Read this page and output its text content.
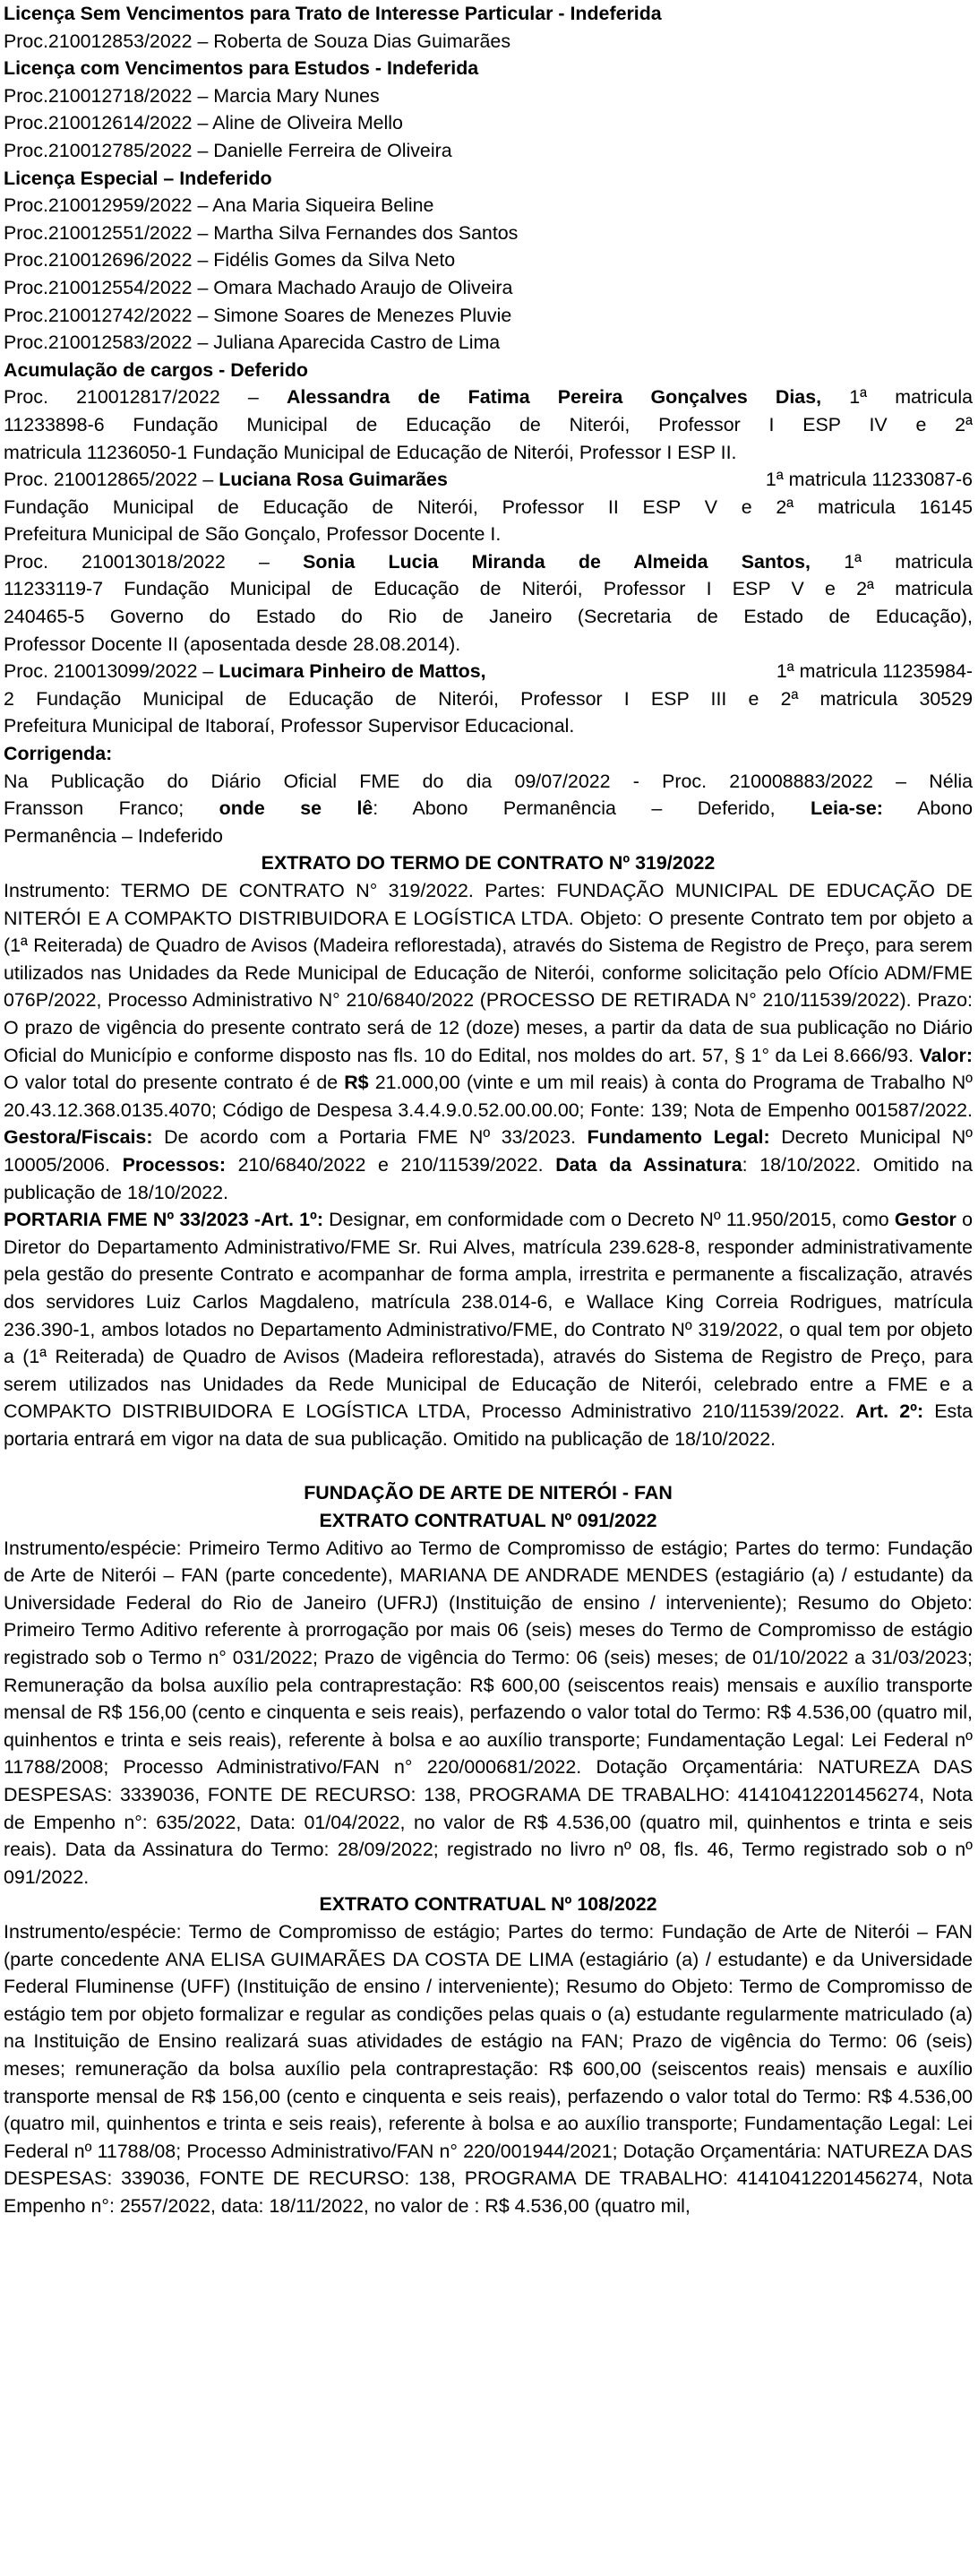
Licença Sem Vencimentos para Trato de Interesse Particular - Indeferida
Proc.210012853/2022 – Roberta de Souza Dias Guimarães
Licença com Vencimentos para Estudos - Indeferida
Proc.210012718/2022 – Marcia Mary Nunes
Proc.210012614/2022 – Aline de Oliveira Mello
Proc.210012785/2022 – Danielle Ferreira de Oliveira
Licença Especial – Indeferido
Proc.210012959/2022 – Ana Maria Siqueira Beline
Proc.210012551/2022 – Martha Silva Fernandes dos Santos
Proc.210012696/2022 – Fidélis Gomes da Silva Neto
Proc.210012554/2022 – Omara Machado Araujo de Oliveira
Proc.210012742/2022 – Simone Soares de Menezes Pluvie
Proc.210012583/2022 – Juliana Aparecida Castro de Lima
Acumulação de cargos - Deferido
Proc. 210012817/2022 – Alessandra de Fatima Pereira Gonçalves Dias, 1ª matricula
11233898-6 Fundação Municipal de Educação de Niterói, Professor I ESP IV e 2ª
matricula 11236050-1 Fundação Municipal de Educação de Niterói, Professor I ESP II.
Proc. 210012865/2022 – Luciana Rosa Guimarães	1ª matricula 11233087-6
Fundação Municipal de Educação de Niterói, Professor II ESP V e 2ª matricula 16145
Prefeitura Municipal de São Gonçalo, Professor Docente I.
Proc. 210013018/2022 – Sonia Lucia Miranda de Almeida Santos, 1ª matricula
11233119-7 Fundação Municipal de Educação de Niterói, Professor I ESP V e 2ª matricula
240465-5 Governo do Estado do Rio de Janeiro (Secretaria de Estado de Educação),
Professor Docente II (aposentada desde 28.08.2014).
Proc. 210013099/2022 – Lucimara Pinheiro de Mattos,	1ª matricula 11235984-
2 Fundação Municipal de Educação de Niterói, Professor I ESP III e 2ª matricula 30529
Prefeitura Municipal de Itaboraí, Professor Supervisor Educacional.
Corrigenda:
Na Publicação do Diário Oficial FME do dia 09/07/2022 - Proc. 210008883/2022 – Nélia
Fransson Franco; onde se lê: Abono Permanência – Deferido, Leia-se: Abono
Permanência – Indeferido
EXTRATO DO TERMO DE CONTRATO Nº 319/2022
Instrumento: TERMO DE CONTRATO N° 319/2022. Partes: FUNDAÇÃO MUNICIPAL DE EDUCAÇÃO DE NITERÓI E A COMPAKTO DISTRIBUIDORA E LOGÍSTICA LTDA. Objeto: O presente Contrato tem por objeto a (1ª Reiterada) de Quadro de Avisos (Madeira reflorestada), através do Sistema de Registro de Preço, para serem utilizados nas Unidades da Rede Municipal de Educação de Niterói, conforme solicitação pelo Ofício ADM/FME 076P/2022, Processo Administrativo N° 210/6840/2022 (PROCESSO DE RETIRADA N° 210/11539/2022). Prazo: O prazo de vigência do presente contrato será de 12 (doze) meses, a partir da data de sua publicação no Diário Oficial do Município e conforme disposto nas fls. 10 do Edital, nos moldes do art. 57, § 1° da Lei 8.666/93. Valor: O valor total do presente contrato é de R$ 21.000,00 (vinte e um mil reais) à conta do Programa de Trabalho Nº 20.43.12.368.0135.4070; Código de Despesa 3.4.4.9.0.52.00.00.00; Fonte: 139; Nota de Empenho 001587/2022. Gestora/Fiscais: De acordo com a Portaria FME Nº 33/2023. Fundamento Legal: Decreto Municipal Nº 10005/2006. Processos: 210/6840/2022 e 210/11539/2022. Data da Assinatura: 18/10/2022. Omitido na publicação de 18/10/2022.
PORTARIA FME Nº 33/2023 -Art. 1º: Designar, em conformidade com o Decreto Nº 11.950/2015, como Gestor o Diretor do Departamento Administrativo/FME Sr. Rui Alves, matrícula 239.628-8, responder administrativamente pela gestão do presente Contrato e acompanhar de forma ampla, irrestrita e permanente a fiscalização, através dos servidores Luiz Carlos Magdaleno, matrícula 238.014-6, e Wallace King Correia Rodrigues, matrícula 236.390-1, ambos lotados no Departamento Administrativo/FME, do Contrato Nº 319/2022, o qual tem por objeto a (1ª Reiterada) de Quadro de Avisos (Madeira reflorestada), através do Sistema de Registro de Preço, para serem utilizados nas Unidades da Rede Municipal de Educação de Niterói, celebrado entre a FME e a COMPAKTO DISTRIBUIDORA E LOGÍSTICA LTDA, Processo Administrativo 210/11539/2022. Art. 2º: Esta portaria entrará em vigor na data de sua publicação. Omitido na publicação de 18/10/2022.
FUNDAÇÃO DE ARTE DE NITERÓI - FAN
EXTRATO CONTRATUAL Nº 091/2022
Instrumento/espécie: Primeiro Termo Aditivo ao Termo de Compromisso de estágio; Partes do termo: Fundação de Arte de Niterói – FAN (parte concedente), MARIANA DE ANDRADE MENDES (estagiário (a) / estudante) da Universidade Federal do Rio de Janeiro (UFRJ) (Instituição de ensino / interveniente); Resumo do Objeto: Primeiro Termo Aditivo referente à prorrogação por mais 06 (seis) meses do Termo de Compromisso de estágio registrado sob o Termo n° 031/2022; Prazo de vigência do Termo: 06 (seis) meses; de 01/10/2022 a 31/03/2023; Remuneração da bolsa auxílio pela contraprestação: R$ 600,00 (seiscentos reais) mensais e auxílio transporte mensal de R$ 156,00 (cento e cinquenta e seis reais), perfazendo o valor total do Termo: R$ 4.536,00 (quatro mil, quinhentos e trinta e seis reais), referente à bolsa e ao auxílio transporte; Fundamentação Legal: Lei Federal nº 11788/2008; Processo Administrativo/FAN n° 220/000681/2022. Dotação Orçamentária: NATUREZA DAS DESPESAS: 3339036, FONTE DE RECURSO: 138, PROGRAMA DE TRABALHO: 41410412201456274, Nota de Empenho n°: 635/2022, Data: 01/04/2022, no valor de R$ 4.536,00 (quatro mil, quinhentos e trinta e seis reais). Data da Assinatura do Termo: 28/09/2022; registrado no livro nº 08, fls. 46, Termo registrado sob o nº 091/2022.
EXTRATO CONTRATUAL Nº 108/2022
Instrumento/espécie: Termo de Compromisso de estágio; Partes do termo: Fundação de Arte de Niterói – FAN (parte concedente ANA ELISA GUIMARÃES DA COSTA DE LIMA (estagiário (a) / estudante) e da Universidade Federal Fluminense (UFF) (Instituição de ensino / interveniente); Resumo do Objeto: Termo de Compromisso de estágio tem por objeto formalizar e regular as condições pelas quais o (a) estudante regularmente matriculado (a) na Instituição de Ensino realizará suas atividades de estágio na FAN; Prazo de vigência do Termo: 06 (seis) meses; remuneração da bolsa auxílio pela contraprestação: R$ 600,00 (seiscentos reais) mensais e auxílio transporte mensal de R$ 156,00 (cento e cinquenta e seis reais), perfazendo o valor total do Termo: R$ 4.536,00 (quatro mil, quinhentos e trinta e seis reais), referente à bolsa e ao auxílio transporte; Fundamentação Legal: Lei Federal nº 11788/08; Processo Administrativo/FAN n° 220/001944/2021; Dotação Orçamentária: NATUREZA DAS DESPESAS: 339036, FONTE DE RECURSO: 138, PROGRAMA DE TRABALHO: 41410412201456274, Nota Empenho n°: 2557/2022, data: 18/11/2022, no valor de : R$ 4.536,00 (quatro mil,
